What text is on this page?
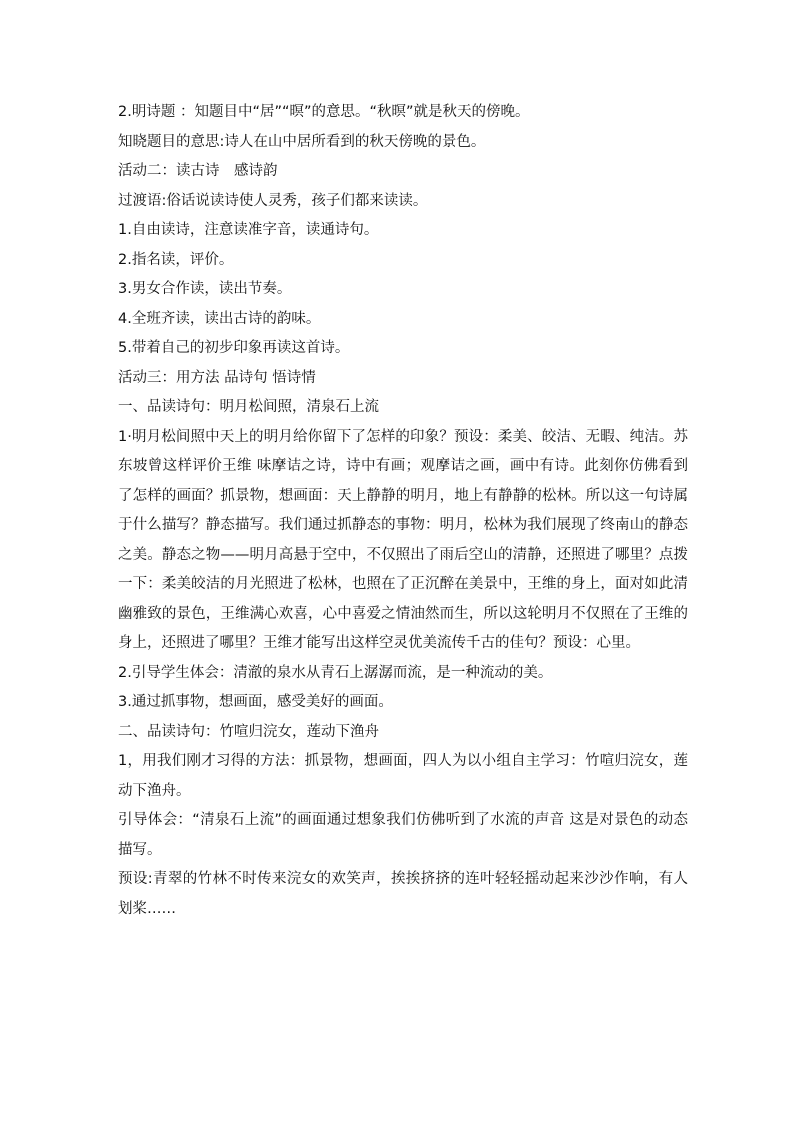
2.明诗题 ：知题目中“居”“暝”的意思。“秋暝”就是秋天的傍晚。

知晓题目的意思:诗人在山中居所看到的秋天傍晚的景色。

活动二：读古诗　感诗韵

过渡语:俗话说读诗使人灵秀，孩子们都来读读。

1.自由读诗，注意读准字音，读通诗句。

2.指名读，评价。

3.男女合作读，读出节奏。

4.全班齐读，读出古诗的韵味。

5.带着自己的初步印象再读这首诗。

活动三：用方法 品诗句 悟诗情

一、品读诗句：明月松间照，清泉石上流

1·明月松间照中天上的明月给你留下了怎样的印象？预设：柔美、皎洁、无暇、纯洁。苏东坡曾这样评价王维 味摩诘之诗，诗中有画；观摩诘之画，画中有诗。此刻你仿佛看到了怎样的画面？抓景物，想画面：天上静静的明月，地上有静静的松林。所以这一句诗属于什么描写？静态描写。我们通过抓静态的事物：明月，松林为我们展现了终南山的静态之美。静态之物——明月高悬于空中，不仅照出了雨后空山的清静，还照进了哪里？点拨一下：柔美皎洁的月光照进了松林，也照在了正沉醉在美景中，王维的身上，面对如此清幽雅致的景色，王维满心欢喜，心中喜爱之情油然而生，所以这轮明月不仅照在了王维的身上，还照进了哪里？王维才能写出这样空灵优美流传千古的佳句？预设：心里。

2.引导学生体会：清澈的泉水从青石上潺潺而流，是一种流动的美。

3.通过抓事物，想画面，感受美好的画面。

二、品读诗句：竹喧归浣女，莲动下渔舟

1，用我们刚才习得的方法：抓景物，想画面，四人为以小组自主学习：竹喧归浣女，莲动下渔舟。

引导体会：“清泉石上流”的画面通过想象我们仿佛听到了水流的声音 这是对景色的动态描写。

预设:青翠的竹林不时传来浣女的欢笑声，挨挨挤挤的连叶轻轻摇动起来沙沙作响，有人划桨……
